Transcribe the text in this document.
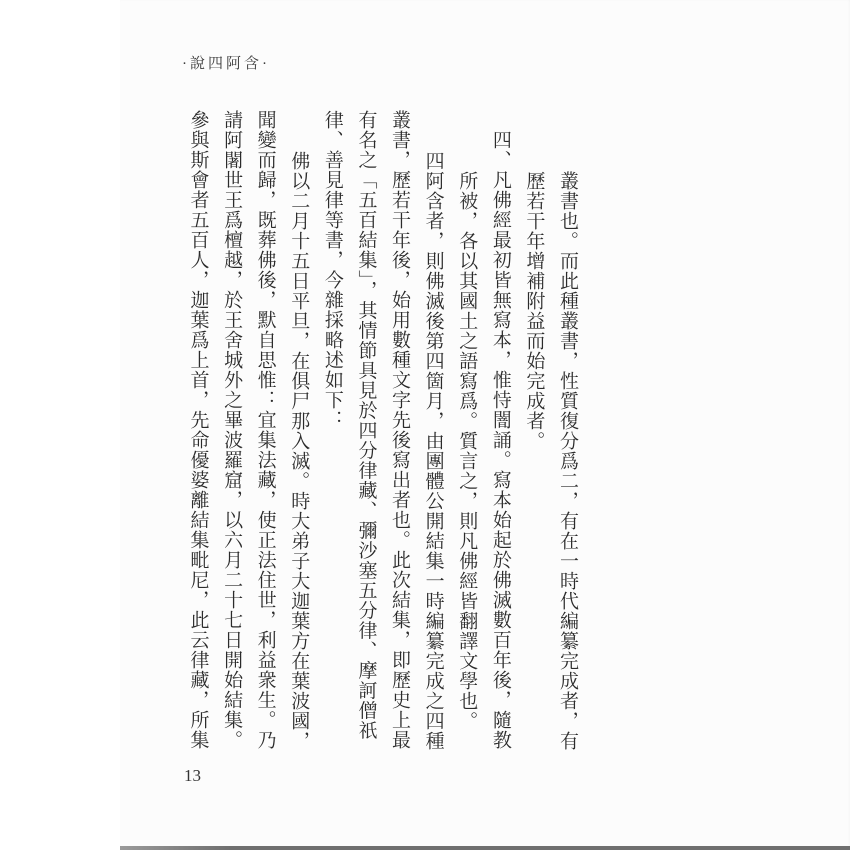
·說四阿含·

叢書也。而此種叢書，性質復分爲二，有在一時代編纂完成者，有

歷若干年增補附益而始完成者。

四、凡佛經最初皆無寫本，惟恃闇誦。寫本始起於佛滅數百年後，隨教

所被，各以其國土之語寫爲。質言之，則凡佛經皆翻譯文學也。

四阿含者，則佛滅後第四箇月，由團體公開結集一時編纂完成之四種

叢書，歷若干年後，始用數種文字先後寫出者也。此次結集，即歷史上最

有名之「五百結集」，其情節具見於四分律藏、彌沙塞五分律、摩訶僧祇

律、善見律等書，今雜採略述如下：

佛以二月十五日平旦，在俱尸那入滅。時大弟子大迦葉方在葉波國，

聞變而歸，既葬佛後，默自思惟：宜集法藏，使正法住世，利益衆生。乃

請阿闍世王爲檀越，於王舍城外之畢波羅窟，以六月二十七日開始結集。

參與斯會者五百人，迦葉爲上首，先命優婆離結集毗尼，此云律藏，所集

13
